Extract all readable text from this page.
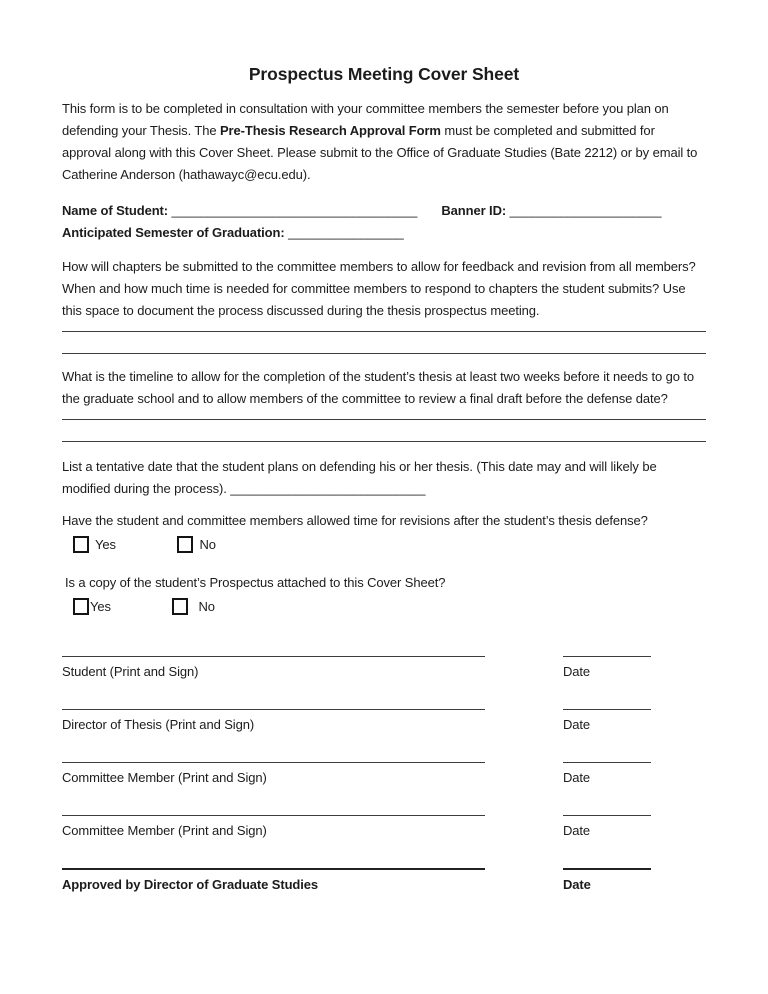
Prospectus Meeting Cover Sheet

This form is to be completed in consultation with your committee members the semester before you plan on defending your Thesis. The Pre-Thesis Research Approval Form must be completed and submitted for approval along with this Cover Sheet. Please submit to the Office of Graduate Studies (Bate 2212) or by email to Catherine Anderson (hathawayc@ecu.edu).

Name of Student: __________________________________ Banner ID: _____________________
Anticipated Semester of Graduation: ________________

How will chapters be submitted to the committee members to allow for feedback and revision from all members? When and how much time is needed for committee members to respond to chapters the student submits? Use this space to document the process discussed during the thesis prospectus meeting.

What is the timeline to allow for the completion of the student’s thesis at least two weeks before it needs to go to the graduate school and to allow members of the committee to review a final draft before the defense date?

List a tentative date that the student plans on defending his or her thesis. (This date may and will likely be modified during the process). ___________________________

Have the student and committee members allowed time for revisions after the student’s thesis defense?

Yes	No

Is a copy of the student’s Prospectus attached to this Cover Sheet?

Yes	No
Student (Print and Sign)	Date
Director of Thesis (Print and Sign)	Date
Committee Member (Print and Sign)	Date
Committee Member (Print and Sign)	Date
Approved by Director of Graduate Studies	Date
